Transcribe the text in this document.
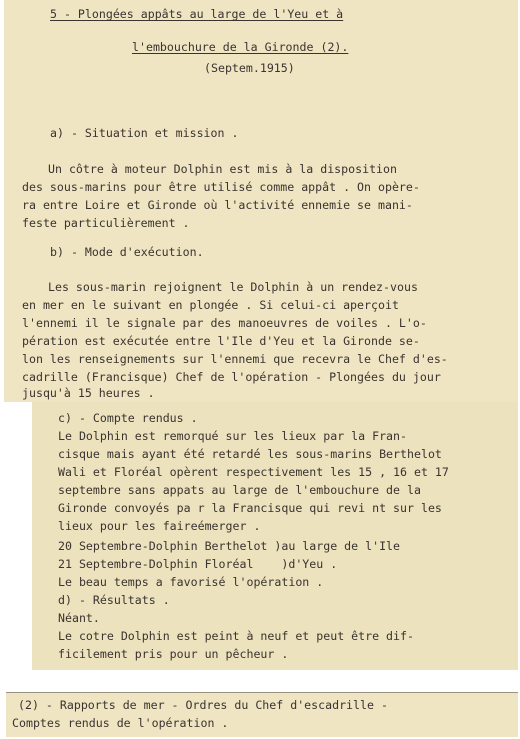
5 - Plongées appâts au large de l'Yeu et à
l'embouchure de la Gironde (2).
(Septem.1915)
a) - Situation et mission .
Un côtre à moteur Dolphin est mis à la disposition
des sous-marins pour être utilisé comme appât . On opère-
ra entre Loire et Gironde où l'activité ennemie se mani-
feste particulièrement .
b) - Mode d'exécution.
Les sous-marin rejoignent le Dolphin à un rendez-vous
en mer en le suivant en plongée . Si celui-ci aperçoit
l'ennemi il le signale par des manoeuvres de voiles . L'o-
pération est exécutée entre l'Ile d'Yeu et la Gironde se-
lon les renseignements sur l'ennemi que recevra le Chef d'es-
cadrille (Francisque) Chef de l'opération - Plongées du jour
jusqu'à 15 heures .
c) - Compte rendus .
Le Dolphin est remorqué sur les lieux par la Fran-
cisque mais ayant été retardé les sous-marins Berthelot
Wali et Floréal opèrent respectivement les 15 , 16 et 17
septembre sans appats au large de l'embouchure de la
Gironde convoyés pa r la Francisque qui revi nt sur les
lieux pour les faireémerger .
20 Septembre-Dolphin Berthelot )au large de l'Ile
21 Septembre-Dolphin Floréal    )d'Yeu .
Le beau temps a favorisé l'opération .
d) - Résultats .
Néant.
Le cotre Dolphin est peint à neuf et peut être dif-
ficilement pris pour un pêcheur .
(2) - Rapports de mer - Ordres du Chef d'escadrille -
Comptes rendus de l'opération .
